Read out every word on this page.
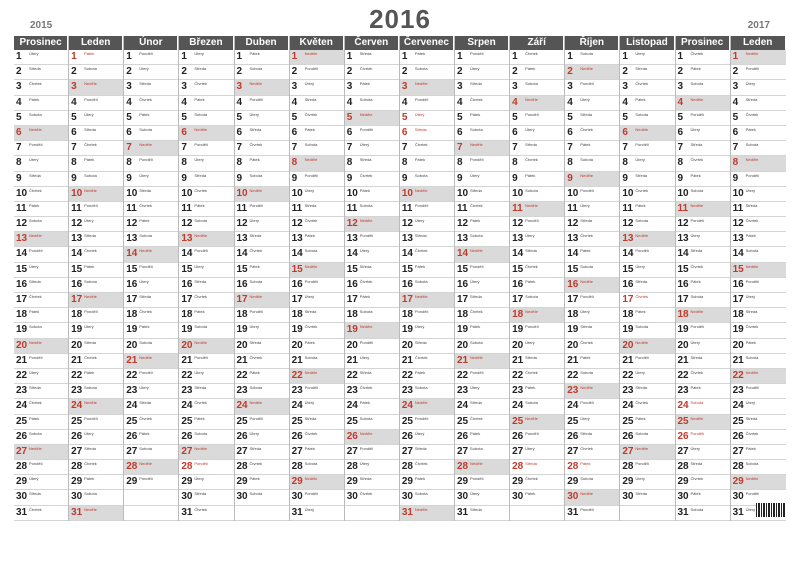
2016
2015	2017
Prosinec
1 Úterý
2 Středa
3 Čtvrtek
4 Pátek
5 Sobota
6 Neděle
7 Pondělí
8 Úterý
9 Středa
10 Čtvrtek
11 Pátek
12 Sobota
13 Neděle
14 Pondělí
15 Úterý
16 Středa
17 Čtvrtek
18 Pátek
19 Sobota
20 Neděle
21 Pondělí
22 Úterý
23 Středa
24 Čtvrtek
25 Pátek
26 Sobota
27 Neděle
28 Pondělí
29 Úterý
30 Středa
31 Čtvrtek
Leden
1 Pátek
2 Sobota
3 Neděle
4 Pondělí
5 Úterý
6 Středa
7 Čtvrtek
8 Pátek
9 Sobota
10 Neděle
11 Pondělí
12 Úterý
13 Středa
14 Čtvrtek
15 Pátek
16 Sobota
17 Neděle
18 Pondělí
19 Úterý
20 Středa
21 Čtvrtek
22 Pátek
23 Sobota
24 Neděle
25 Pondělí
26 Úterý
27 Středa
28 Čtvrtek
29 Pátek
30 Sobota
31 Neděle
Únor
1 Pondělí
2 Úterý
3 Středa
4 Čtvrtek
5 Pátek
6 Sobota
7 Neděle
8 Pondělí
9 Úterý
10 Středa
11 Čtvrtek
12 Pátek
13 Sobota
14 Neděle
15 Pondělí
16 Úterý
17 Středa
18 Čtvrtek
19 Pátek
20 Sobota
21 Neděle
22 Pondělí
23 Úterý
24 Středa
25 Čtvrtek
26 Pátek
27 Sobota
28 Neděle
29 Pondělí
Březen
1 Úterý
2 Středa
3 Čtvrtek
4 Pátek
5 Sobota
6 Neděle
7 Pondělí
8 Úterý
9 Středa
10 Čtvrtek
11 Pátek
12 Sobota
13 Neděle
14 Pondělí
15 Úterý
16 Středa
17 Čtvrtek
18 Pátek
19 Sobota
20 Neděle
21 Pondělí
22 Úterý
23 Středa
24 Čtvrtek
25 Pátek
26 Sobota
27 Neděle
28 Pondělí
29 Úterý
30 Středa
31 Čtvrtek
Duben
1 Pátek
2 Sobota
3 Neděle
4 Pondělí
5 Úterý
6 Středa
7 Čtvrtek
8 Pátek
9 Sobota
10 Neděle
11 Pondělí
12 Úterý
13 Středa
14 Čtvrtek
15 Pátek
16 Sobota
17 Neděle
18 Pondělí
19 Úterý
20 Středa
21 Čtvrtek
22 Pátek
23 Sobota
24 Neděle
25 Pondělí
26 Úterý
27 Středa
28 Čtvrtek
29 Pátek
30 Sobota
Květen
1 Neděle
2 Pondělí
3 Úterý
4 Středa
5 Čtvrtek
6 Pátek
7 Sobota
8 Neděle
9 Pondělí
10 Úterý
11 Středa
12 Čtvrtek
13 Pátek
14 Sobota
15 Neděle
16 Pondělí
17 Úterý
18 Středa
19 Čtvrtek
20 Pátek
21 Sobota
22 Neděle
23 Pondělí
24 Úterý
25 Středa
26 Čtvrtek
27 Pátek
28 Sobota
29 Neděle
30 Pondělí
31 Úterý
Červen
1 Středa
2 Čtvrtek
3 Pátek
4 Sobota
5 Neděle
6 Pondělí
7 Úterý
8 Středa
9 Čtvrtek
10 Pátek
11 Sobota
12 Neděle
13 Pondělí
14 Úterý
15 Středa
16 Čtvrtek
17 Pátek
18 Sobota
19 Neděle
20 Pondělí
21 Úterý
22 Středa
23 Čtvrtek
24 Pátek
25 Sobota
26 Neděle
27 Pondělí
28 Úterý
29 Středa
30 Čtvrtek
Červenec
1 Pátek
2 Sobota
3 Neděle
4 Pondělí
5 Úterý
6 Středa
7 Čtvrtek
8 Pátek
9 Sobota
10 Neděle
11 Pondělí
12 Úterý
13 Středa
14 Čtvrtek
15 Pátek
16 Sobota
17 Neděle
18 Pondělí
19 Úterý
20 Středa
21 Čtvrtek
22 Pátek
23 Sobota
24 Neděle
25 Pondělí
26 Úterý
27 Středa
28 Čtvrtek
29 Pátek
30 Sobota
31 Neděle
Srpen
1 Pondělí
2 Úterý
3 Středa
4 Čtvrtek
5 Pátek
6 Sobota
7 Neděle
8 Pondělí
9 Úterý
10 Středa
11 Čtvrtek
12 Pátek
13 Sobota
14 Neděle
15 Pondělí
16 Úterý
17 Středa
18 Čtvrtek
19 Pátek
20 Sobota
21 Neděle
22 Pondělí
23 Úterý
24 Středa
25 Čtvrtek
26 Pátek
27 Sobota
28 Neděle
29 Pondělí
30 Úterý
31 Středa
Září
1 Čtvrtek
2 Pátek
3 Sobota
4 Neděle
5 Pondělí
6 Úterý
7 Středa
8 Čtvrtek
9 Pátek
10 Sobota
11 Neděle
12 Pondělí
13 Úterý
14 Středa
15 Čtvrtek
16 Pátek
17 Sobota
18 Neděle
19 Pondělí
20 Úterý
21 Středa
22 Čtvrtek
23 Pátek
24 Sobota
25 Neděle
26 Pondělí
27 Úterý
28 Středa
29 Čtvrtek
30 Pátek
Říjen
1 Sobota
2 Neděle
3 Pondělí
4 Úterý
5 Středa
6 Čtvrtek
7 Pátek
8 Sobota
9 Neděle
10 Pondělí
11 Úterý
12 Středa
13 Čtvrtek
14 Pátek
15 Sobota
16 Neděle
17 Pondělí
18 Úterý
19 Středa
20 Čtvrtek
21 Pátek
22 Sobota
23 Neděle
24 Pondělí
25 Úterý
26 Středa
27 Čtvrtek
28 Pátek
29 Sobota
30 Neděle
31 Pondělí
Listopad
1 Úterý
2 Středa
3 Čtvrtek
4 Pátek
5 Sobota
6 Neděle
7 Pondělí
8 Úterý
9 Středa
10 Čtvrtek
11 Pátek
12 Sobota
13 Neděle
14 Pondělí
15 Úterý
16 Středa
17 Čtvrtek
18 Pátek
19 Sobota
20 Neděle
21 Pondělí
22 Úterý
23 Středa
24 Čtvrtek
25 Pátek
26 Sobota
27 Neděle
28 Pondělí
29 Úterý
30 Středa
Prosinec
1 Čtvrtek
2 Pátek
3 Sobota
4 Neděle
5 Pondělí
6 Úterý
7 Středa
8 Čtvrtek
9 Pátek
10 Sobota
11 Neděle
12 Pondělí
13 Úterý
14 Středa
15 Čtvrtek
16 Pátek
17 Sobota
18 Neděle
19 Pondělí
20 Úterý
21 Středa
22 Čtvrtek
23 Pátek
24 Sobota
25 Neděle
26 Pondělí
27 Úterý
28 Středa
29 Čtvrtek
30 Pátek
31 Sobota
Leden
1 Neděle
2 Pondělí
3 Úterý
4 Středa
5 Čtvrtek
6 Pátek
7 Sobota
8 Neděle
9 Pondělí
10 Úterý
11 Středa
12 Čtvrtek
13 Pátek
14 Sobota
15 Neděle
16 Pondělí
17 Úterý
18 Středa
19 Čtvrtek
20 Pátek
21 Sobota
22 Neděle
23 Pondělí
24 Úterý
25 Středa
26 Čtvrtek
27 Pátek
28 Sobota
29 Neděle
30 Pondělí
31 Úterý
